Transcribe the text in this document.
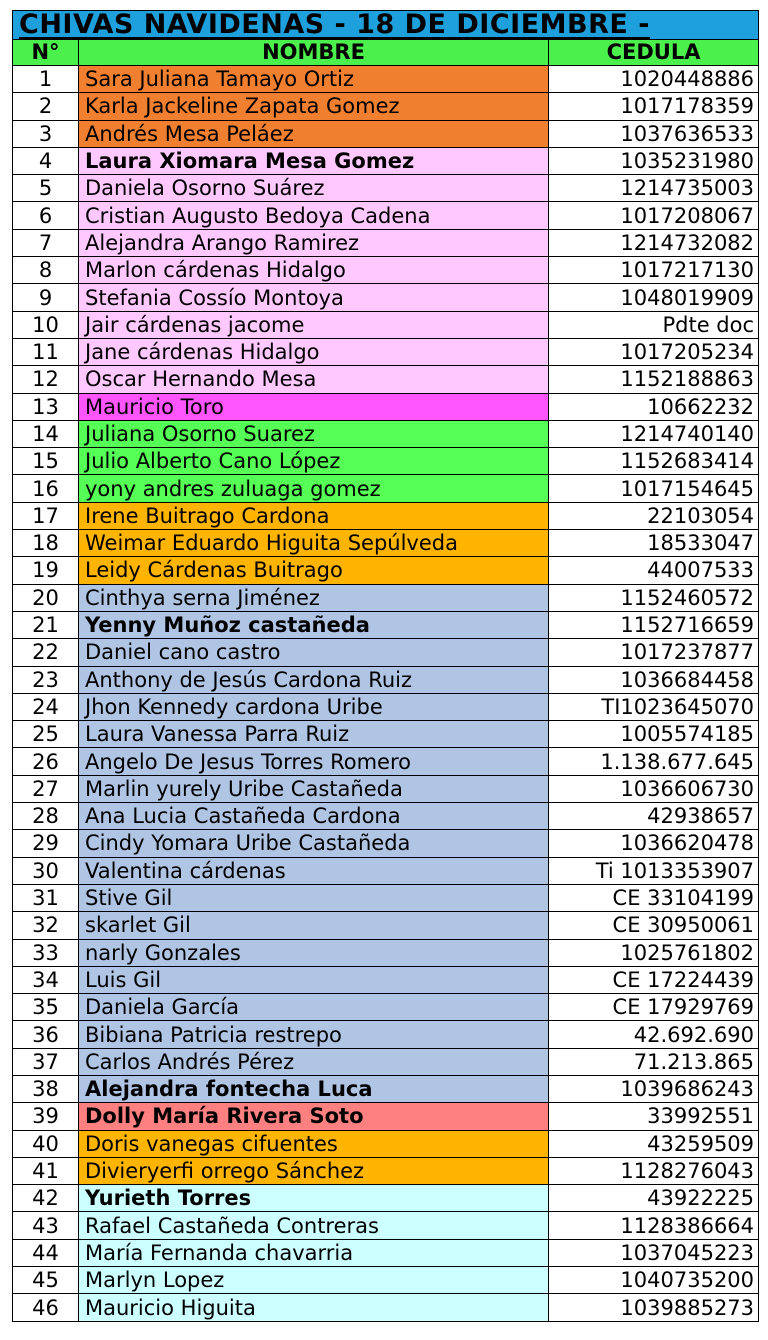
CHIVAS NAVIDENAS - 18 DE DICIEMBRE -		
N°	NOMBRE	CEDULA
1	Sara Juliana Tamayo Ortiz	1020448886
2	Karla Jackeline Zapata Gomez	1017178359
3	Andrés Mesa Peláez	1037636533
4	Laura Xiomara Mesa Gomez	1035231980
5	Daniela Osorno Suárez	1214735003
6	Cristian Augusto Bedoya Cadena	1017208067
7	Alejandra Arango Ramirez	1214732082
8	Marlon cárdenas Hidalgo	1017217130
9	Stefania Cossío Montoya	1048019909
10	Jair cárdenas jacome	Pdte doc
11	Jane cárdenas Hidalgo	1017205234
12	Oscar Hernando Mesa	1152188863
13	Mauricio Toro	10662232
14	Juliana Osorno Suarez	1214740140
15	Julio Alberto Cano López	1152683414
16	yony andres zuluaga gomez	1017154645
17	Irene Buitrago Cardona	22103054
18	Weimar Eduardo Higuita Sepúlveda	18533047
19	Leidy Cárdenas Buitrago	44007533
20	Cinthya serna Jiménez	1152460572
21	Yenny Muñoz castañeda	1152716659
22	Daniel cano castro	1017237877
23	Anthony de Jesús Cardona Ruiz	1036684458
24	Jhon Kennedy cardona Uribe	TI1023645070
25	Laura Vanessa Parra Ruiz	1005574185
26	Angelo De Jesus Torres Romero	1.138.677.645
27	Marlin yurely Uribe Castañeda	1036606730
28	Ana Lucia Castañeda Cardona	42938657
29	Cindy Yomara Uribe Castañeda	1036620478
30	Valentina cárdenas	Ti 1013353907
31	Stive Gil	CE 33104199
32	skarlet Gil	CE 30950061
33	narly Gonzales	1025761802
34	Luis Gil	CE 17224439
35	Daniela García	CE 17929769
36	Bibiana Patricia restrepo	42.692.690
37	Carlos Andrés Pérez	71.213.865
38	Alejandra fontecha Luca	1039686243
39	Dolly María Rivera Soto	33992551
40	Doris vanegas cifuentes	43259509
41	Divieryerfi orrego Sánchez	1128276043
42	Yurieth Torres	43922225
43	Rafael Castañeda Contreras	1128386664
44	María Fernanda chavarria	1037045223
45	Marlyn Lopez	1040735200
46	Mauricio Higuita	1039885273
